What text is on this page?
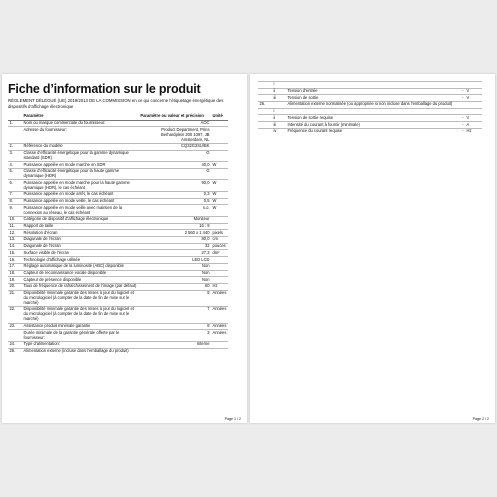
Fiche d’information sur le produit
RÈGLEMENT DÉLÉGUÉ (UE) 2019/2013 DE LA COMMISSION en ce qui concerne l’étiquetage énergétique des dispositifs d’affichage électronique
	Paramètre	Paramètre ou valeur et précision	Unité
1.	Nom ou marque commerciale du fournisseur:	AOC	
	Adresse du fournisseur:	Product Department, Prins Berhardplein 200 1097, JB Amsterdam, NL	
2.	Référence du modèle	CQ32G3SU/BK	
3.	Classe d’efficacité énergétique pour la gamme dynamique standard (SDR)	G	
4.	Puissance appelée en mode marche en SDR	40,0	W
5.	Classe d’efficacité énergétique pour la haute gamme dynamique (HDR)	G	
6.	Puissance appelée en mode marche pour la haute gamme dynamique (HDR), le cas échéant	90,0	W
7.	Puissance appelée en mode arrêt, le cas échéant	0,3	W
8.	Puissance appelée en mode veille, le cas échéant	0,5	W
9.	Puissance appelée en mode veille avec maintien de la connexion au réseau, le cas échéant	s.o.	W
10.	Catégorie de dispositif d’affichage électronique	Moniteur	
11.	Rapport de taille	16 : 9	
12.	Résolution d’écran	2 560 x 1 440	pixels
13.	Diagonale de l’écran	80,0	cm
14.	Diagonale de l’écran	32	pouces
15.	Surface visible de l’écran	27,3	dm²
16.	Technologie d’affichage utilisée	LED LCD	
17.	Réglage automatique de la luminosité (ABC) disponible	Non	
18.	Capteur de reconnaissance vocale disponible	Non	
19.	Capteur de présence disponible	Non	
20.	Taux de fréquence de rafraîchissement de l’image (par défaut)	60	Hz
21.	Disponibilité minimale garantie des mises à jour du logiciel et du micrologiciel (à compter de la date de fin de mise sur le marché)	8	Années
22.	Disponibilité minimale garantie des mises à jour du logiciel et du micrologiciel (à compter de la date de fin de mise sur le marché)	7	Années
23.	Assistance produit minimale garantie	8	Années
	Durée minimale de la garantie générale offerte par le fournisseur:	3	Années
24.	Type d’alimentation:	Interne	
25.	Alimentation externe (incluse dans l’emballage du produit)		
Page 1 / 2
	i			
	ii	Tension d’entrée	-	V
	iii	Tension de sortie	-	V
26.		Alimentation externe normalisée (ou appropriée si non incluse dans l’emballage du produit)		
	i			
	ii	Tension de sortie requise	-	V
	iii	Intensité du courant à fournir (minimale)	-	A
	iv	Fréquence du courant requise	-	Hz
Page 2 / 2
